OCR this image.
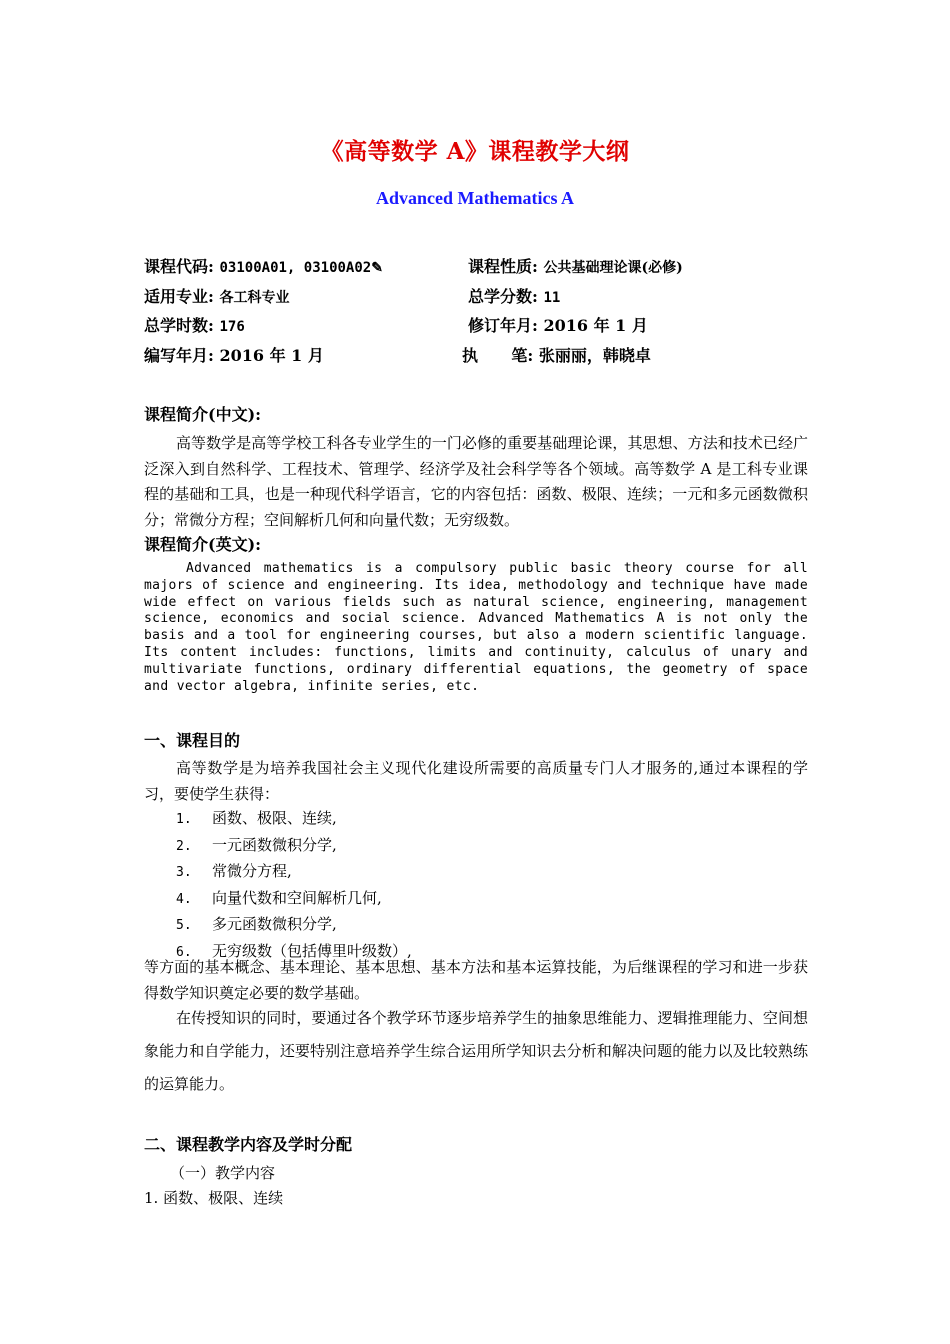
《高等数学 A》课程教学大纲
Advanced Mathematics A
课程代码: 03100A01, 03100A02✎	课程性质: 公共基础理论课(必修)
适用专业: 各工科专业	总学分数: 11
总学时数: 176	修订年月: 2016 年 1 月
编写年月: 2016 年 1 月	执      笔: 张丽丽，韩晓卓
课程简介(中文):
高等数学是高等学校工科各专业学生的一门必修的重要基础理论课，其思想、方法和技术已经广泛深入到自然科学、工程技术、管理学、经济学及社会科学等各个领域。高等数学 A 是工科专业课程的基础和工具，也是一种现代科学语言，它的内容包括：函数、极限、连续；一元和多元函数微积分；常微分方程；空间解析几何和向量代数；无穷级数。
课程简介(英文):
Advanced mathematics is a compulsory public basic theory course for all majors of science and engineering. Its idea, methodology and technique have made wide effect on various fields such as natural science, engineering, management science, economics and social science. Advanced Mathematics A is not only the basis and a tool for engineering courses, but also a modern scientific language. Its content includes: functions, limits and continuity, calculus of unary and multivariate functions, ordinary differential equations, the geometry of space and vector algebra, infinite series, etc.
一、课程目的
高等数学是为培养我国社会主义现代化建设所需要的高质量专门人才服务的,通过本课程的学习，要使学生获得：
1. 函数、极限、连续,
2. 一元函数微积分学,
3. 常微分方程,
4. 向量代数和空间解析几何,
5. 多元函数微积分学,
6. 无穷级数（包括傅里叶级数）,
等方面的基本概念、基本理论、基本思想、基本方法和基本运算技能，为后继课程的学习和进一步获得数学知识奠定必要的数学基础。
在传授知识的同时，要通过各个教学环节逐步培养学生的抽象思维能力、逻辑推理能力、空间想象能力和自学能力，还要特别注意培养学生综合运用所学知识去分析和解决问题的能力以及比较熟练的运算能力。
二、课程教学内容及学时分配
（一）教学内容
1. 函数、极限、连续
